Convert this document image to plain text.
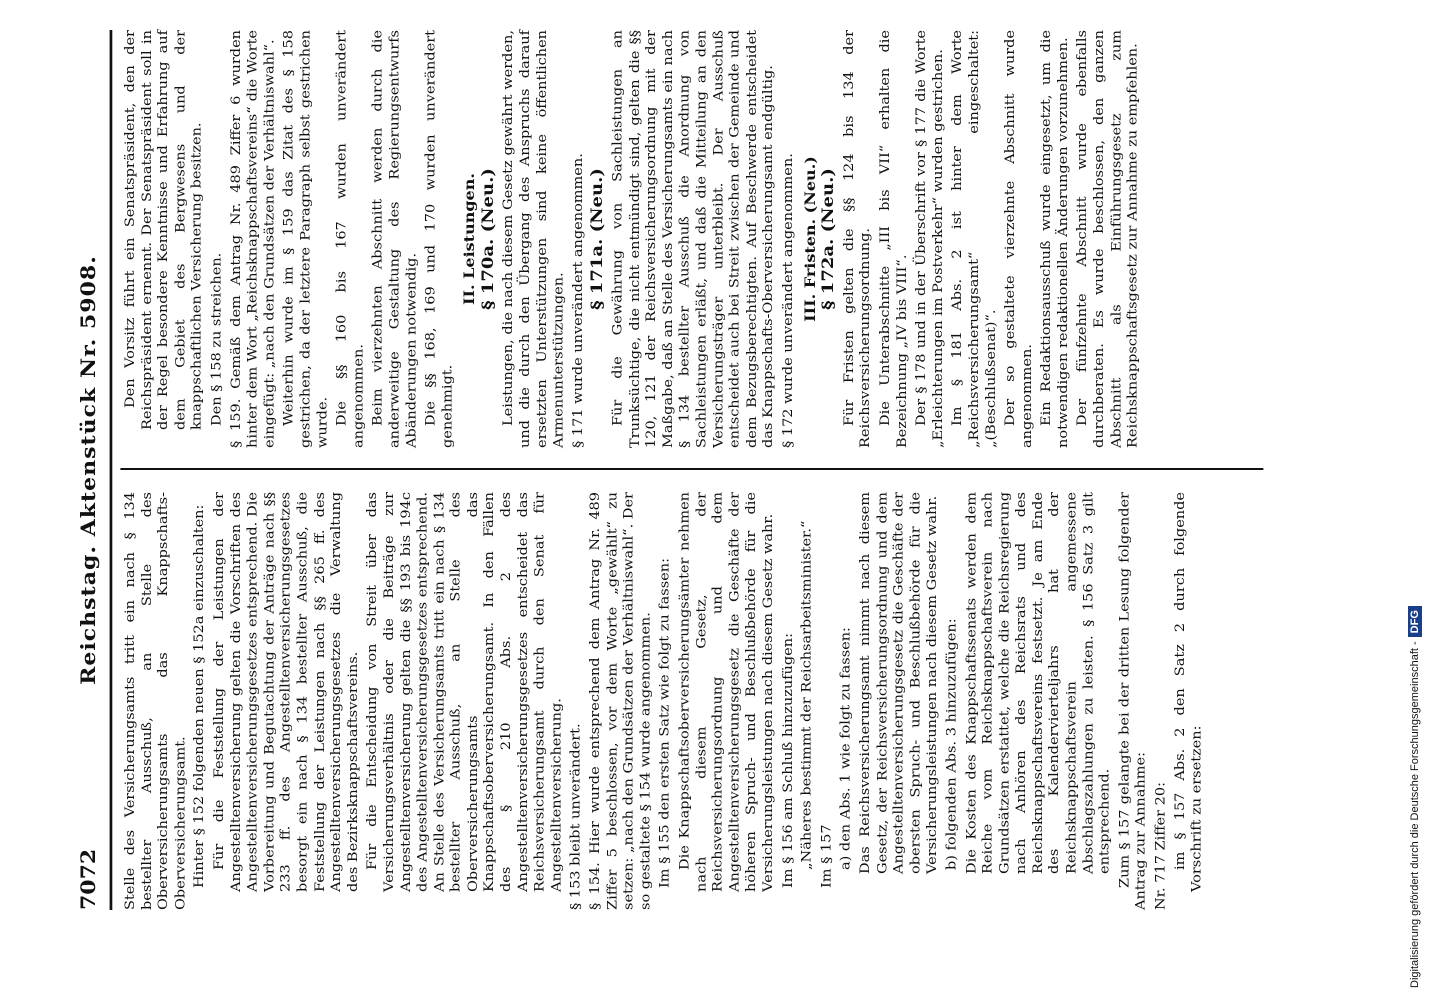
7072
Reichstag. Aktenstück Nr. 5908.

Stelle des Versicherungsamts tritt ein nach § 134 bestellter Ausschuß, an Stelle des Oberversicherungsamts das Knappschafts-Oberversicherungsamt. Hinter § 152 folgenden neuen § 152a einzuschalten: Für die Feststellung der Leistungen der Angestelltenversicherung gelten die Vorschriften des Angestelltenversicherungsgesetzes entsprechend. Die Vorbereitung und Begutachtung der Anträge nach §§ 233 ff. des Angestelltenversicherungsgesetzes besorgt ein nach § 134 bestellter Ausschuß, die Feststellung der Leistungen nach §§ 265 ff. des Angestelltenversicherungsgesetzes die Verwaltung des Bezirksknappschaftsvereins. Für die Entscheidung von Streit über das Versicherungsverhältnis oder die Beiträge zur Angestelltenversicherung gelten die §§ 193 bis 194c des Angestelltenversicherungsgesetzes entsprechend. An Stelle des Versicherungsamts tritt ein nach § 134 bestellter Ausschuß, an Stelle des Oberversicherungsamts das Knappschaftsoberversicherungsamt. In den Fällen des § 210 Abs. 2 des Angestelltenversicherungsgesetzes entscheidet das Reichsversicherungsamt durch den Senat für Angestelltenversicherung. § 153 bleibt unverändert. § 154. Hier wurde entsprechend dem Antrag Nr. 489 Ziffer 5 beschlossen, vor dem Worte „gewählt“ zu setzen: „nach den Grundsätzen der Verhältniswahl“. Der so gestaltete § 154 wurde angenommen. Im § 155 den ersten Satz wie folgt zu fassen: Die Knappschaftsoberversicherungsämter nehmen nach diesem Gesetz, der Reichsversicherungsordnung und dem Angestelltenversicherungsgesetz die Geschäfte der höheren Spruch- und Beschlußbehörde für die Versicherungsleistungen nach diesem Gesetz wahr. Im § 156 am Schluß hinzuzufügen: „Näheres bestimmt der Reichsarbeitsminister.“ Im § 157 a) den Abs. 1 wie folgt zu fassen: Das Reichsversicherungsamt nimmt nach diesem Gesetz, der Reichsversicherungsordnung und dem Angestelltenversicherungsgesetz die Geschäfte der obersten Spruch- und Beschlußbehörde für die Versicherungsleistungen nach diesem Gesetz wahr. b) folgenden Abs. 3 hinzuzufügen: Die Kosten des Knappschaftssenats werden dem Reiche vom Reichsknappschaftsverein nach Grundsätzen erstattet, welche die Reichsregierung nach Anhören des Reichsrats und des Reichsknappschaftsvereins festsetzt. Je am Ende des Kalendervierteljahrs hat der Reichsknappschaftsverein angemessene Abschlagszahlungen zu leisten. § 156 Satz 3 gilt entsprechend. Zum § 157 gelangte bei der dritten Lesung folgender Antrag zur Annahme: Nr. 717 Ziffer 20: im § 157 Abs. 2 den Satz 2 durch folgende Vorschrift zu ersetzen:

Den Vorsitz führt ein Senatspräsident, den der Reichspräsident ernennt. Der Senatspräsident soll in der Regel besondere Kenntnisse und Erfahrung auf dem Gebiet des Bergwesens und der knappschaftlichen Versicherung besitzen. Den § 158 zu streichen. § 159. Gemäß dem Antrag Nr. 489 Ziffer 6 wurden hinter dem Wort „Reichsknappschaftsvereins“ die Worte eingefügt: „nach den Grundsätzen der Verhältniswahl“. Weiterhin wurde im § 159 das Zitat des § 158 gestrichen, da der letztere Paragraph selbst gestrichen wurde. Die §§ 160 bis 167 wurden unverändert angenommen. Beim vierzehnten Abschnitt werden durch die anderweitige Gestaltung des Regierungsentwurfs Abänderungen notwendig. Die §§ 168, 169 und 170 wurden unverändert genehmigt.

II. Leistungen. § 170a. (Neu.) Leistungen, die nach diesem Gesetz gewährt werden, und die durch den Übergang des Anspruchs darauf ersetzten Unterstützungen sind keine öffentlichen Armenunterstützungen. § 171 wurde unverändert angenommen. § 171a. (Neu.) Für die Gewährung von Sachleistungen an Trunksüchtige, die nicht entmündigt sind, gelten die §§ 120, 121 der Reichsversicherungsordnung mit der Maßgabe, daß an Stelle des Versicherungsamts ein nach § 134 bestellter Ausschuß die Anordnung von Sachleistungen erläßt, und daß die Mitteilung an den Versicherungsträger unterbleibt. Der Ausschuß entscheidet auch bei Streit zwischen der Gemeinde und dem Bezugsberechtigten. Auf Beschwerde entscheidet das Knappschafts-Oberversicherungsamt endgültig. § 172 wurde unverändert angenommen. III. Fristen. (Neu.) § 172a. (Neu.) Für Fristen gelten die §§ 124 bis 134 der Reichsversicherungsordnung. Die Unterabschnitte „III bis VII“ erhalten die Bezeichnung „IV bis VIII“. Der § 178 und in der Überschrift vor § 177 die Worte „Erleichterungen im Postverkehr“ wurden gestrichen. Im § 181 Abs. 2 ist hinter dem Worte „Reichsversicherungsamt“ eingeschaltet: „(Beschlußsenat)“. Der so gestaltete vierzehnte Abschnitt wurde angenommen. Ein Redaktionsausschuß wurde eingesetzt, um die notwendigen redaktionellen Änderungen vorzunehmen. Der fünfzehnte Abschnitt wurde ebenfalls durchberaten. Es wurde beschlossen, den ganzen Abschnitt als Einführungsgesetz zum Reichsknappschaftsgesetz zur Annahme zu empfehlen.

Digitalisierung gefördert durch die Deutsche Forschungsgemeinschaft -DFG
